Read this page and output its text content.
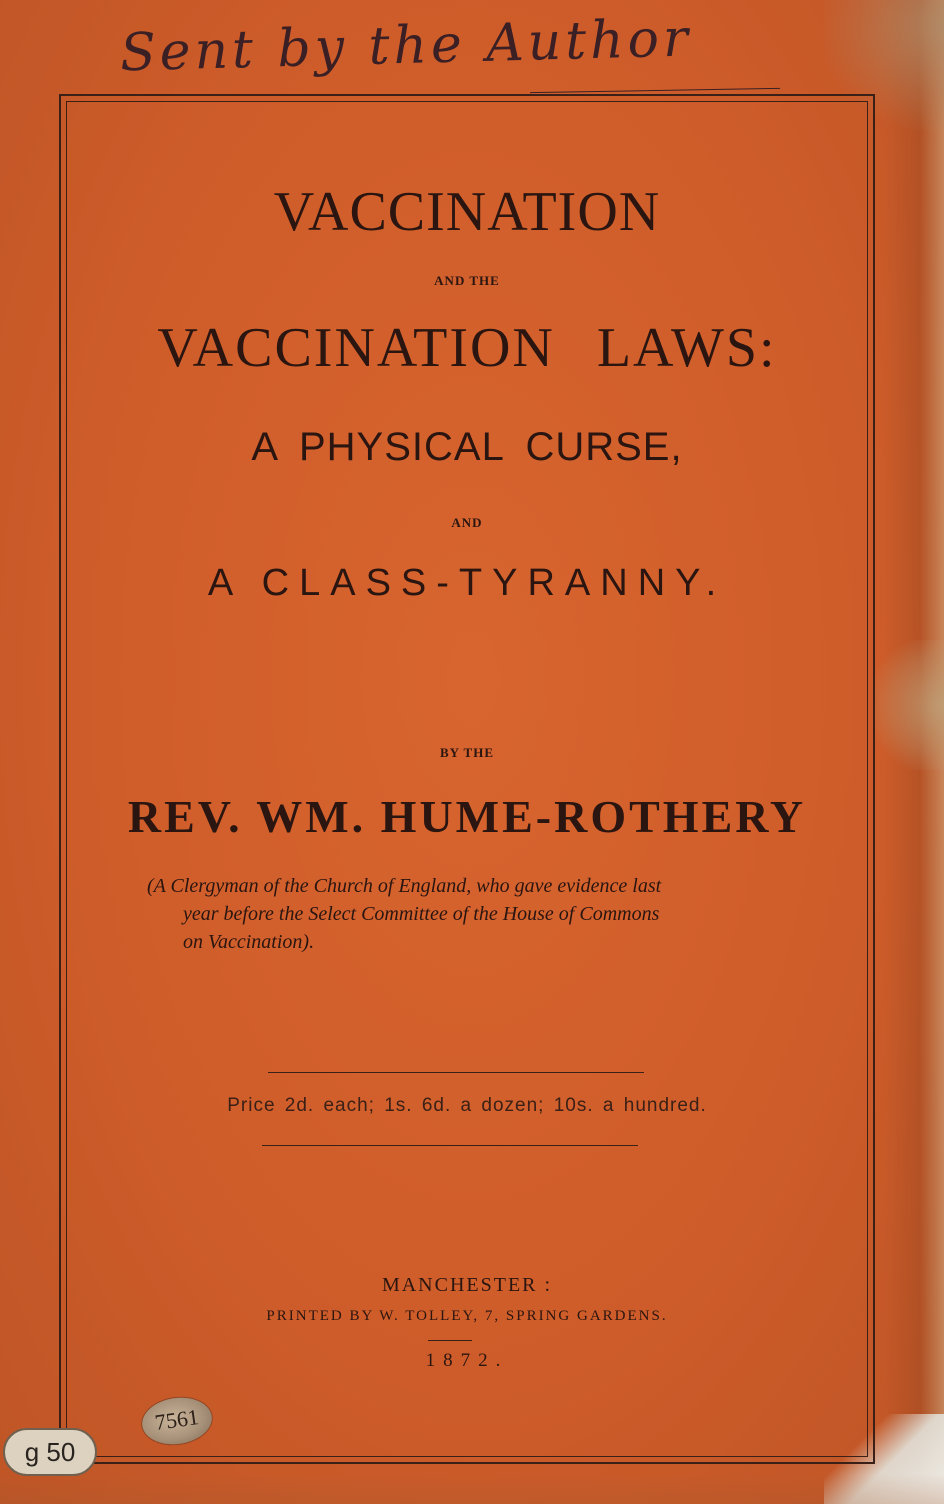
Sent by the Author
VACCINATION
AND THE
VACCINATION LAWS:
A PHYSICAL CURSE,
AND
A CLASS-TYRANNY.
BY THE
REV. WM. HUME-ROTHERY
(A Clergyman of the Church of England, who gave evidence last
year before the Select Committee of the House of Commons
on Vaccination).
Price 2d. each; 1s. 6d. a dozen; 10s. a hundred.
MANCHESTER :
PRINTED BY W. TOLLEY, 7, SPRING GARDENS.
1872.
7561
g 50
